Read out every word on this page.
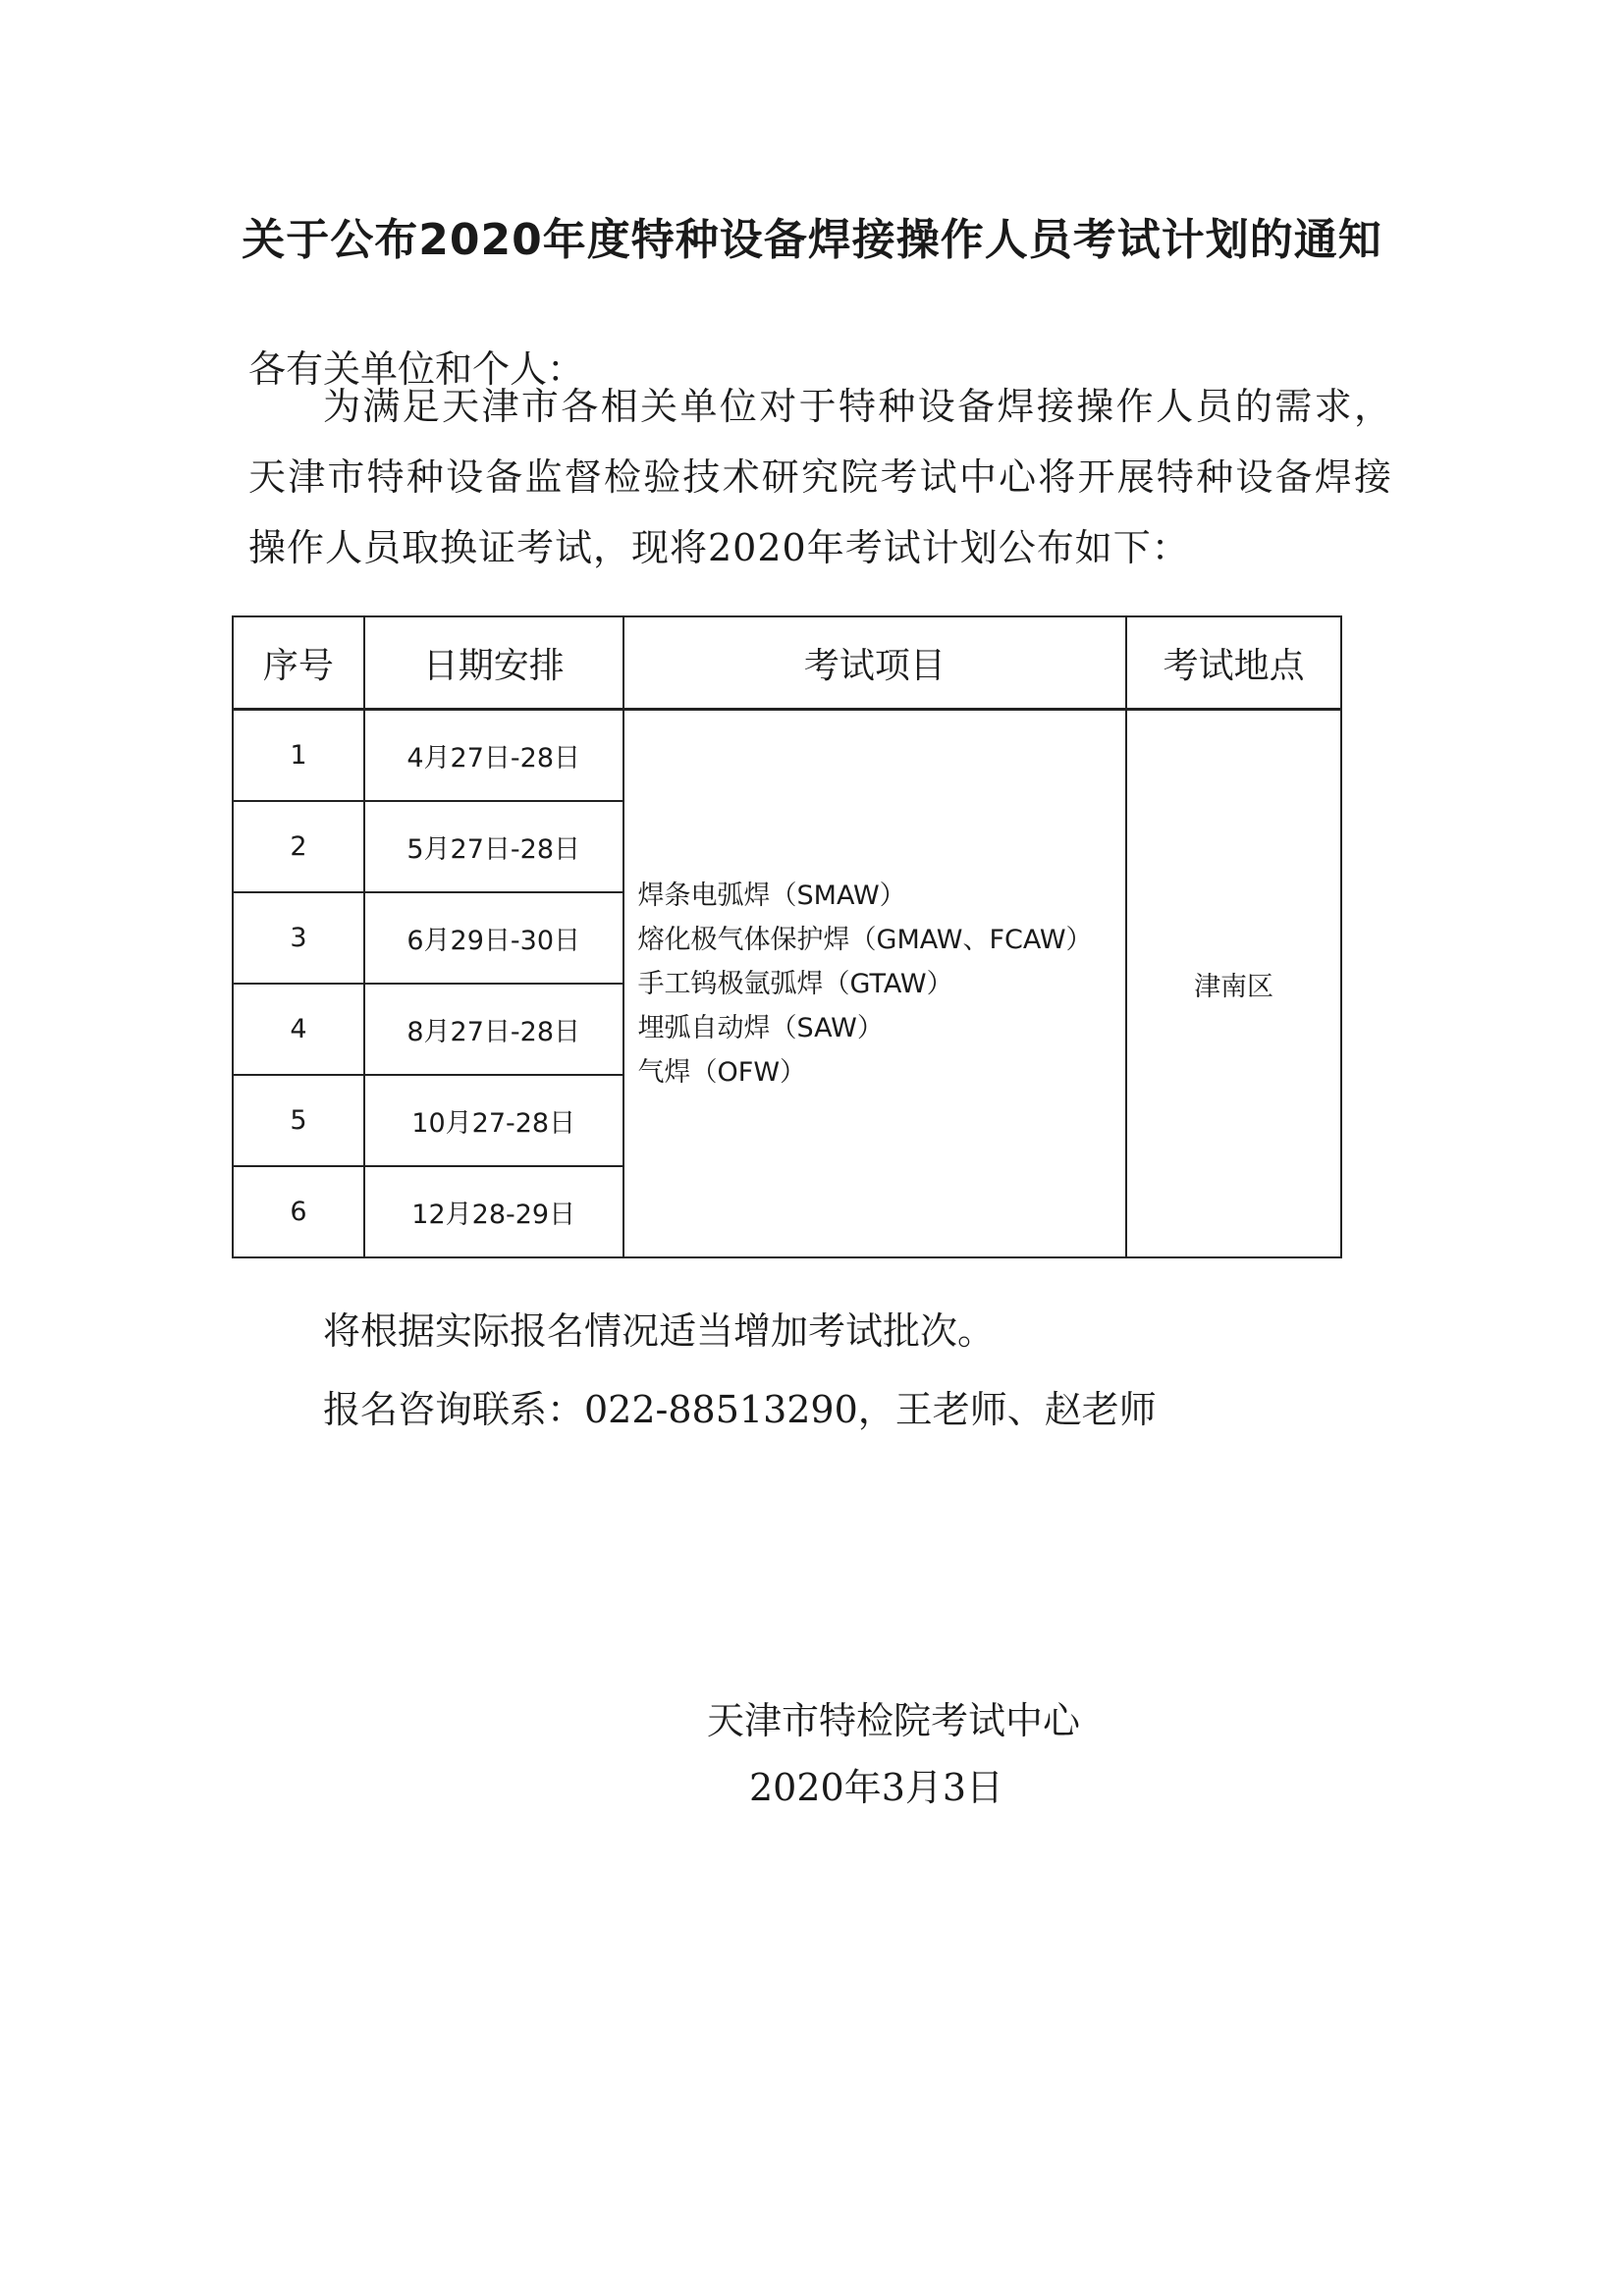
关于公布2020年度特种设备焊接操作人员考试计划的通知

各有关单位和个人：

为满足天津市各相关单位对于特种设备焊接操作人员的需求，天津市特种设备监督检验技术研究院考试中心将开展特种设备焊接操作人员取换证考试，现将2020年考试计划公布如下：

序号	日期安排	考试项目	考试地点
1	4月27日-28日	焊条电弧焊（SMAW）
熔化极气体保护焊（GMAW、FCAW）
手工钨极氩弧焊（GTAW）
埋弧自动焊（SAW）
气焊（OFW）	津南区
2	5月27日-28日		
3	6月29日-30日		
4	8月27日-28日		
5	10月27-28日		
6	12月28-29日		

将根据实际报名情况适当增加考试批次。

报名咨询联系：022-88513290，王老师、赵老师

天津市特检院考试中心

2020年3月3日
